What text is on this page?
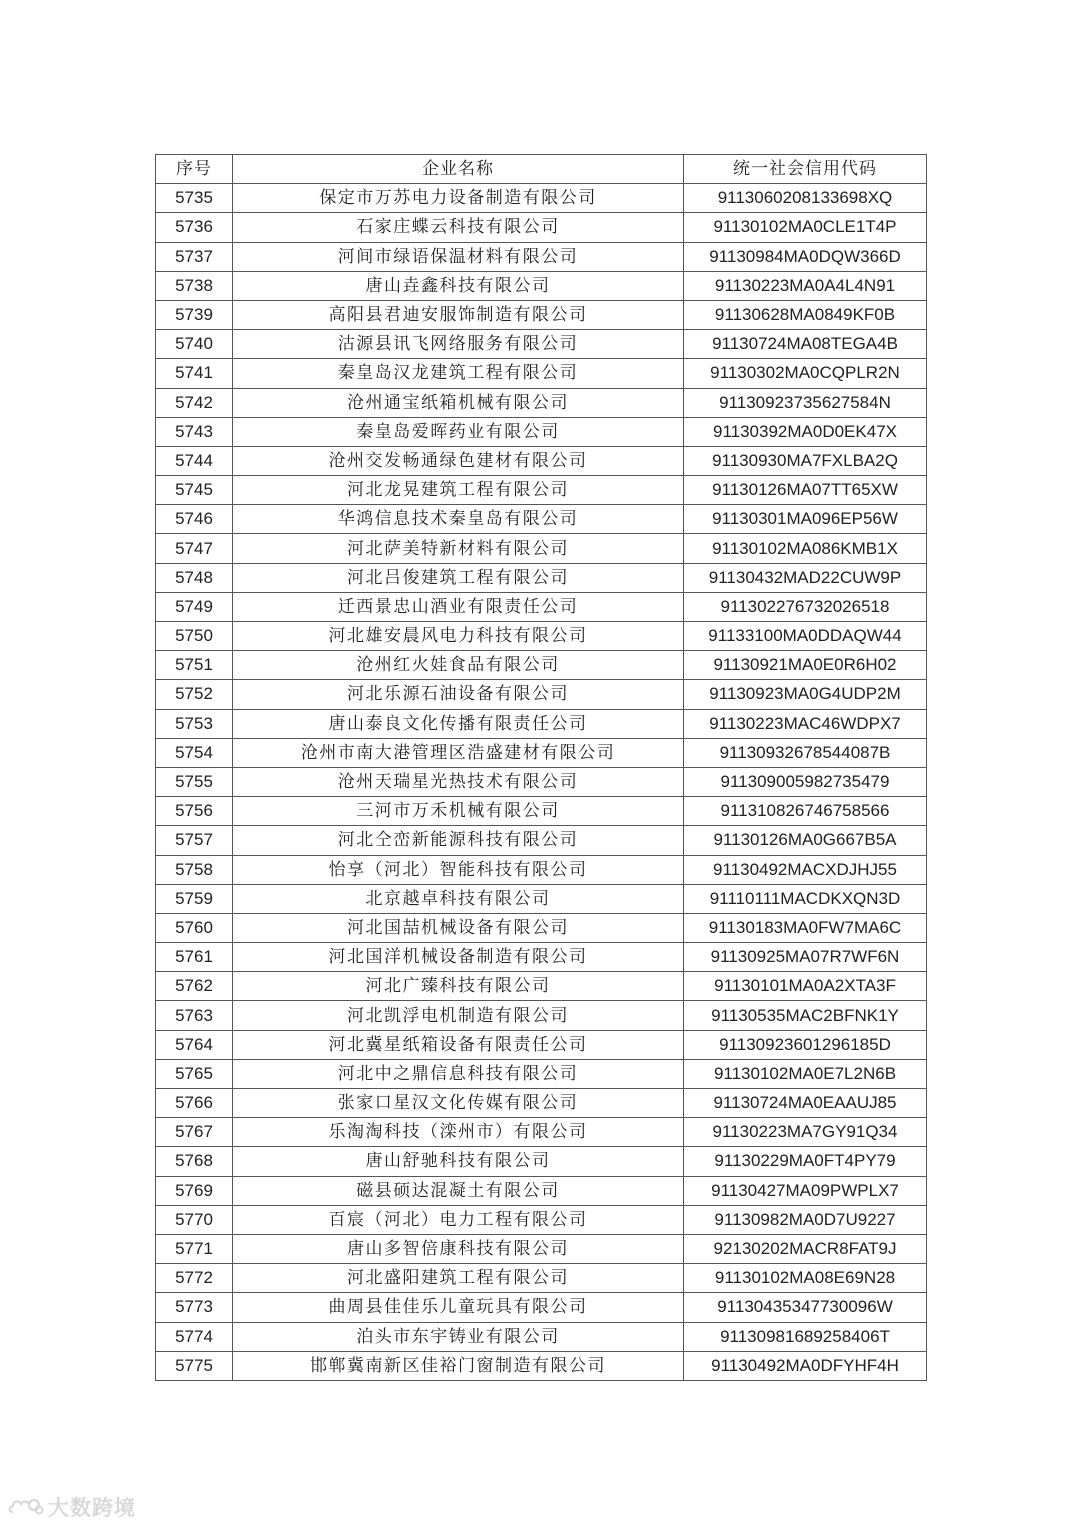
序号	企业名称	统一社会信用代码
5735	保定市万苏电力设备制造有限公司	9113060208133698XQ
5736	石家庄蝶云科技有限公司	91130102MA0CLE1T4P
5737	河间市绿语保温材料有限公司	91130984MA0DQW366D
5738	唐山垚鑫科技有限公司	91130223MA0A4L4N91
5739	高阳县君迪安服饰制造有限公司	91130628MA0849KF0B
5740	沽源县讯飞网络服务有限公司	91130724MA08TEGA4B
5741	秦皇岛汉龙建筑工程有限公司	91130302MA0CQPLR2N
5742	沧州通宝纸箱机械有限公司	91130923735627584N
5743	秦皇岛爱晖药业有限公司	91130392MA0D0EK47X
5744	沧州交发畅通绿色建材有限公司	91130930MA7FXLBA2Q
5745	河北龙晃建筑工程有限公司	91130126MA07TT65XW
5746	华鸿信息技术秦皇岛有限公司	91130301MA096EP56W
5747	河北萨美特新材料有限公司	91130102MA086KMB1X
5748	河北吕俊建筑工程有限公司	91130432MAD22CUW9P
5749	迁西景忠山酒业有限责任公司	911302276732026518
5750	河北雄安晨风电力科技有限公司	91133100MA0DDAQW44
5751	沧州红火娃食品有限公司	91130921MA0E0R6H02
5752	河北乐源石油设备有限公司	91130923MA0G4UDP2M
5753	唐山泰良文化传播有限责任公司	91130223MAC46WDPX7
5754	沧州市南大港管理区浩盛建材有限公司	91130932678544087B
5755	沧州天瑞星光热技术有限公司	911309005982735479
5756	三河市万禾机械有限公司	911310826746758566
5757	河北仝峦新能源科技有限公司	91130126MA0G667B5A
5758	怡享（河北）智能科技有限公司	91130492MACXDJHJ55
5759	北京越卓科技有限公司	91110111MACDKXQN3D
5760	河北国喆机械设备有限公司	91130183MA0FW7MA6C
5761	河北国洋机械设备制造有限公司	91130925MA07R7WF6N
5762	河北广臻科技有限公司	91130101MA0A2XTA3F
5763	河北凯浮电机制造有限公司	91130535MAC2BFNK1Y
5764	河北冀星纸箱设备有限责任公司	91130923601296185D
5765	河北中之鼎信息科技有限公司	91130102MA0E7L2N6B
5766	张家口星汉文化传媒有限公司	91130724MA0EAAUJ85
5767	乐淘淘科技（滦州市）有限公司	91130223MA7GY91Q34
5768	唐山舒驰科技有限公司	91130229MA0FT4PY79
5769	磁县硕达混凝土有限公司	91130427MA09PWPLX7
5770	百宸（河北）电力工程有限公司	91130982MA0D7U9227
5771	唐山多智倍康科技有限公司	92130202MACR8FAT9J
5772	河北盛阳建筑工程有限公司	91130102MA08E69N28
5773	曲周县佳佳乐儿童玩具有限公司	91130435347730096W
5774	泊头市东宇铸业有限公司	91130981689258406T
5775	邯郸冀南新区佳裕门窗制造有限公司	91130492MA0DFYHF4H
大数跨境
